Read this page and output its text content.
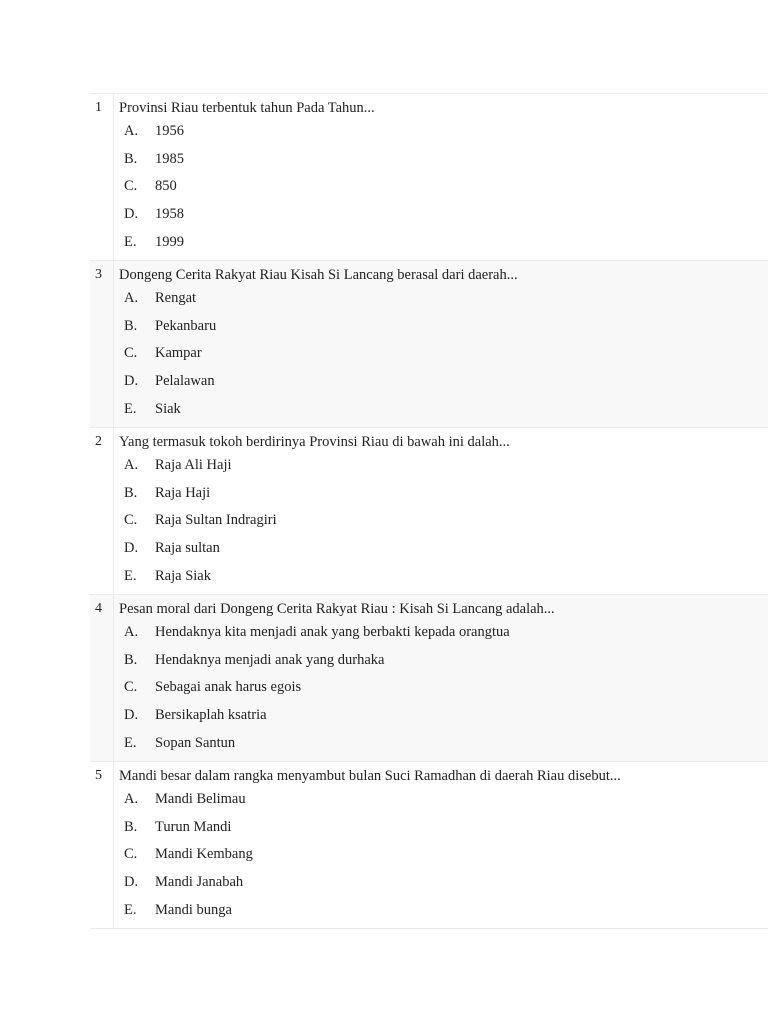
1	Provinsi Riau terbentuk tahun Pada Tahun...
A.	1956
B.	1985
C.	850
D.	1958
E.	1999
3	Dongeng Cerita Rakyat Riau Kisah Si Lancang berasal dari daerah...
A.	Rengat
B.	Pekanbaru
C.	Kampar
D.	Pelalawan
E.	Siak
2	Yang termasuk tokoh berdirinya Provinsi Riau di bawah ini dalah...
A.	Raja Ali Haji
B.	Raja Haji
C.	Raja Sultan Indragiri
D.	Raja sultan
E.	Raja Siak
4	Pesan moral dari Dongeng Cerita Rakyat Riau : Kisah Si Lancang adalah...
A.	Hendaknya kita menjadi anak yang berbakti kepada orangtua
B.	Hendaknya menjadi anak yang durhaka
C.	Sebagai anak harus egois
D.	Bersikaplah ksatria
E.	Sopan Santun
5	Mandi besar dalam rangka menyambut bulan Suci Ramadhan di daerah Riau disebut...
A.	Mandi Belimau
B.	Turun Mandi
C.	Mandi Kembang
D.	Mandi Janabah
E.	Mandi bunga
